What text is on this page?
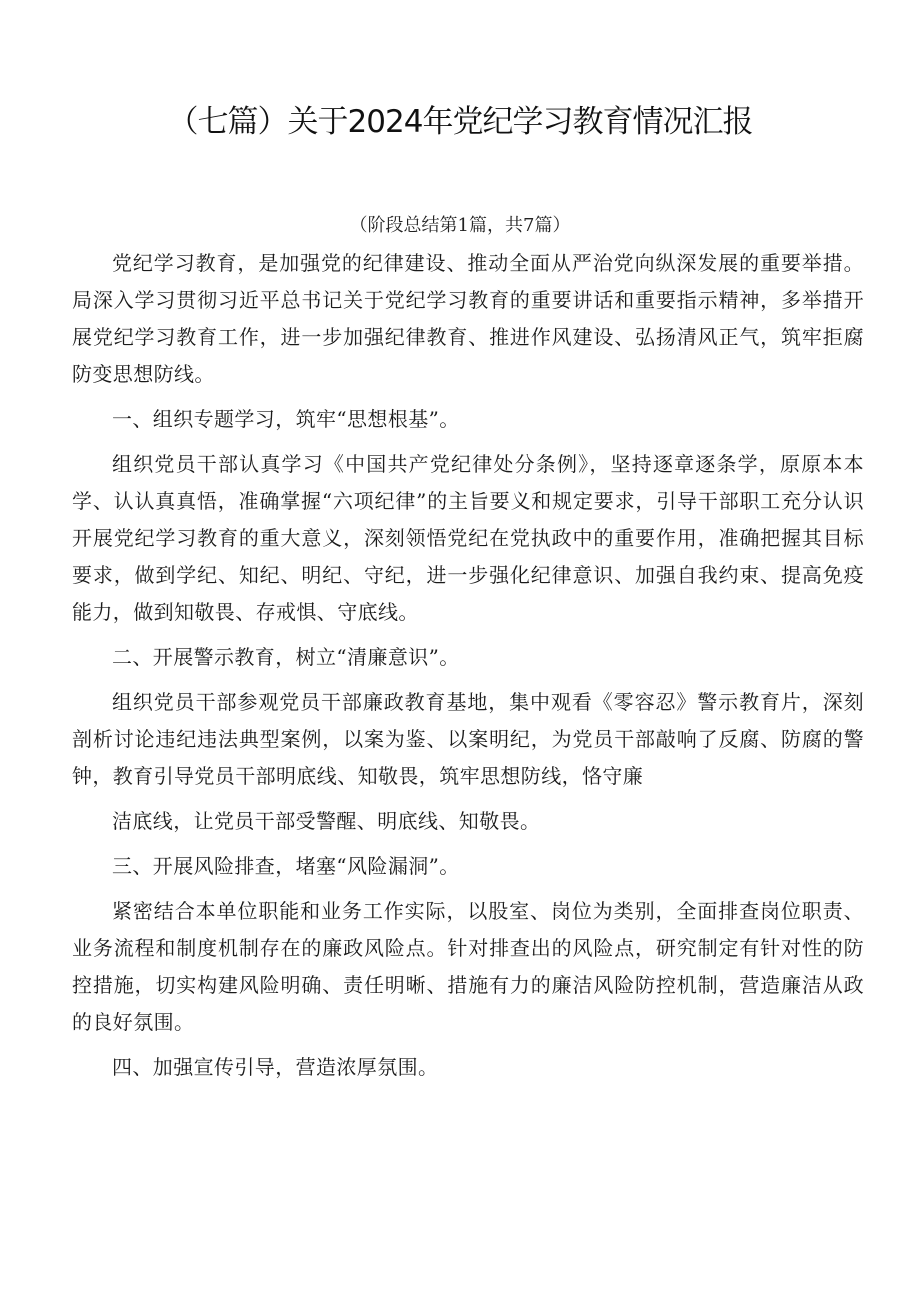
（七篇）关于2024年党纪学习教育情况汇报
（阶段总结第1篇，共7篇）

党纪学习教育，是加强党的纪律建设、推动全面从严治党向纵深发展的重要举措。局深入学习贯彻习近平总书记关于党纪学习教育的重要讲话和重要指示精神，多举措开展党纪学习教育工作，进一步加强纪律教育、推进作风建设、弘扬清风正气，筑牢拒腐防变思想防线。

一、组织专题学习，筑牢“思想根基”。

组织党员干部认真学习《中国共产党纪律处分条例》，坚持逐章逐条学，原原本本学、认认真真悟，准确掌握“六项纪律”的主旨要义和规定要求，引导干部职工充分认识开展党纪学习教育的重大意义，深刻领悟党纪在党执政中的重要作用，准确把握其目标要求，做到学纪、知纪、明纪、守纪，进一步强化纪律意识、加强自我约束、提高免疫能力，做到知敬畏、存戒惧、守底线。

二、开展警示教育，树立“清廉意识”。

组织党员干部参观党员干部廉政教育基地，集中观看《零容忍》警示教育片，深刻剖析讨论违纪违法典型案例，以案为鉴、以案明纪，为党员干部敲响了反腐、防腐的警钟，教育引导党员干部明底线、知敬畏，筑牢思想防线，恪守廉

洁底线，让党员干部受警醒、明底线、知敬畏。

三、开展风险排查，堵塞“风险漏洞”。

紧密结合本单位职能和业务工作实际，以股室、岗位为类别，全面排查岗位职责、业务流程和制度机制存在的廉政风险点。针对排查出的风险点，研究制定有针对性的防控措施，切实构建风险明确、责任明晰、措施有力的廉洁风险防控机制，营造廉洁从政的良好氛围。

四、加强宣传引导，营造浓厚氛围。
